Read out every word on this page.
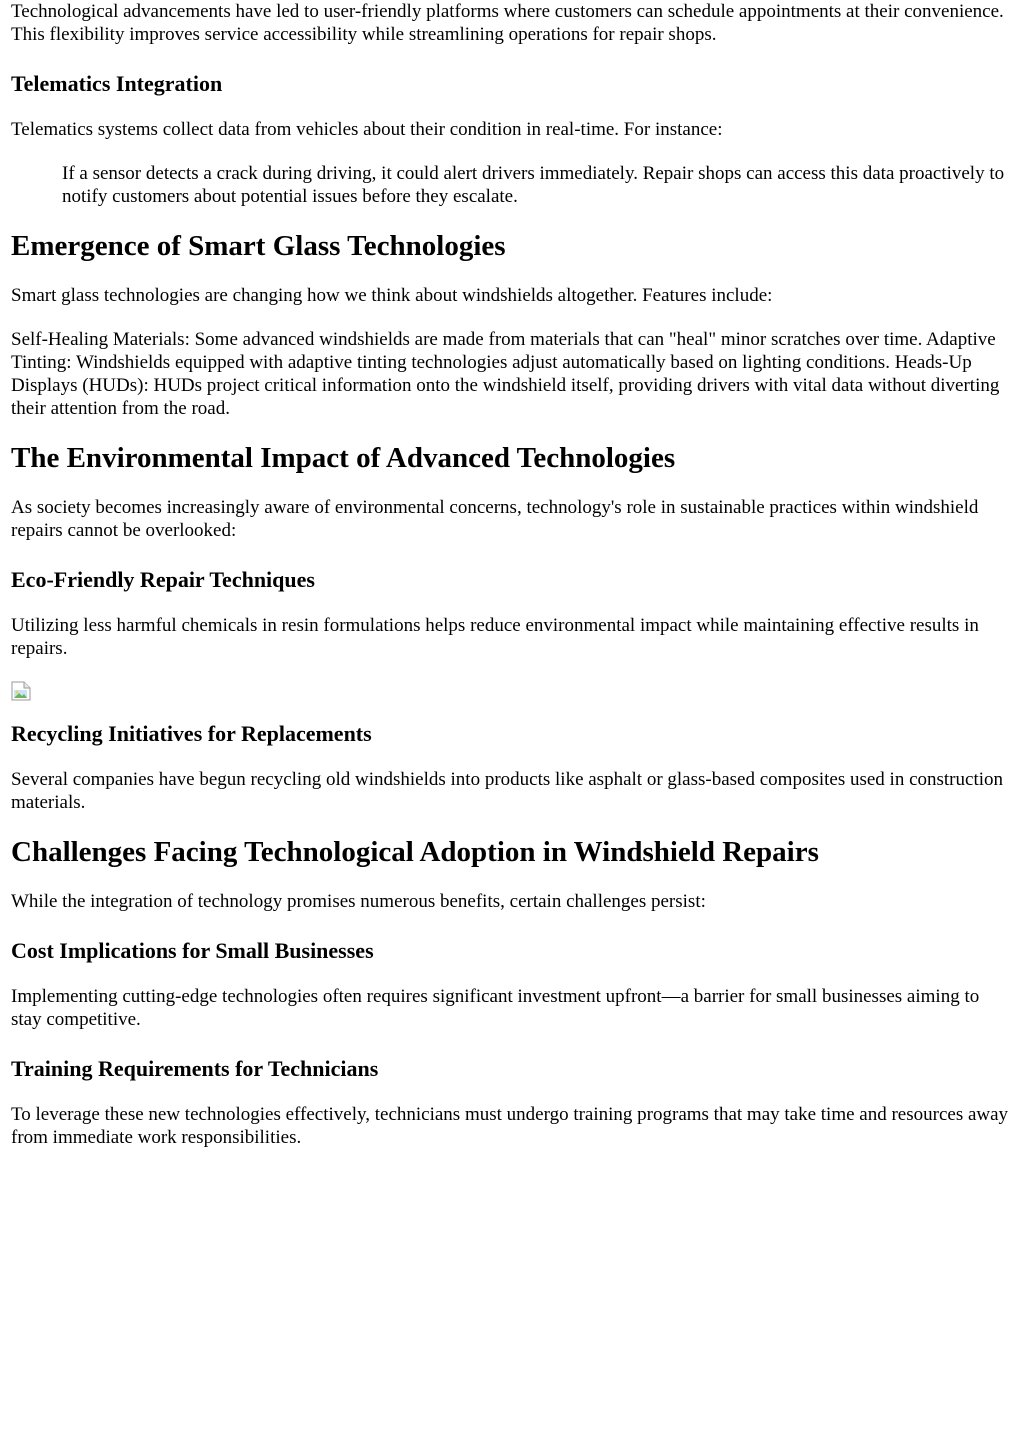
Technological advancements have led to user-friendly platforms where customers can schedule appointments at their convenience. This flexibility improves service accessibility while streamlining operations for repair shops.

Telematics Integration

Telematics systems collect data from vehicles about their condition in real-time. For instance:

If a sensor detects a crack during driving, it could alert drivers immediately. Repair shops can access this data proactively to notify customers about potential issues before they escalate.
Emergence of Smart Glass Technologies

Smart glass technologies are changing how we think about windshields altogether. Features include:

Self-Healing Materials: Some advanced windshields are made from materials that can "heal" minor scratches over time. Adaptive Tinting: Windshields equipped with adaptive tinting technologies adjust automatically based on lighting conditions. Heads-Up Displays (HUDs): HUDs project critical information onto the windshield itself, providing drivers with vital data without diverting their attention from the road.

The Environmental Impact of Advanced Technologies

As society becomes increasingly aware of environmental concerns, technology's role in sustainable practices within windshield repairs cannot be overlooked:

Eco-Friendly Repair Techniques

Utilizing less harmful chemicals in resin formulations helps reduce environmental impact while maintaining effective results in repairs.

Recycling Initiatives for Replacements

Several companies have begun recycling old windshields into products like asphalt or glass-based composites used in construction materials.

Challenges Facing Technological Adoption in Windshield Repairs

While the integration of technology promises numerous benefits, certain challenges persist:

Cost Implications for Small Businesses

Implementing cutting-edge technologies often requires significant investment upfront—a barrier for small businesses aiming to stay competitive.

Training Requirements for Technicians

To leverage these new technologies effectively, technicians must undergo training programs that may take time and resources away from immediate work responsibilities.
